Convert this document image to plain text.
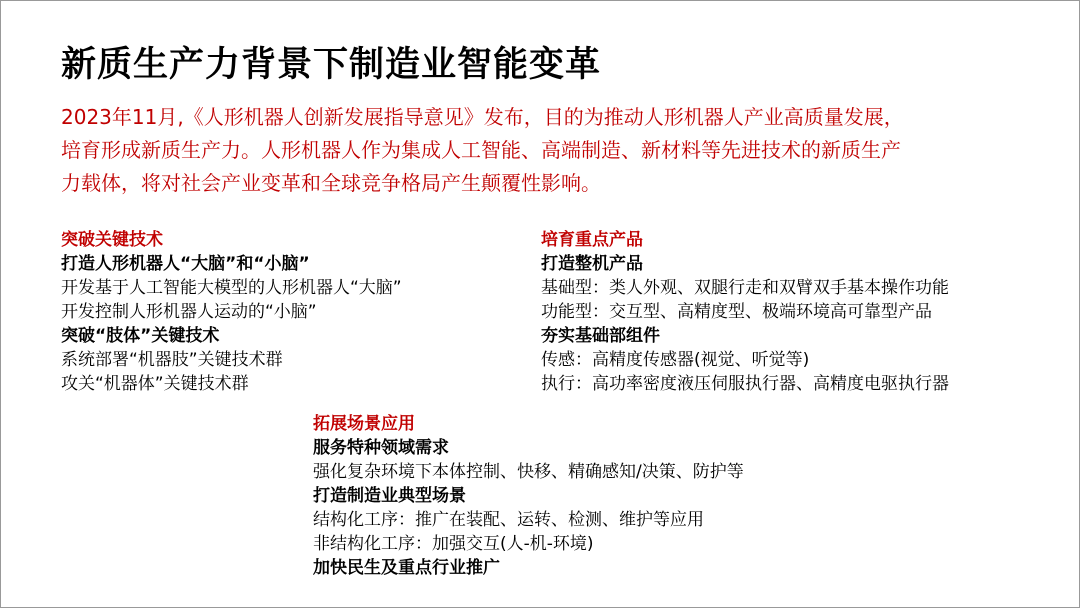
新质生产力背景下制造业智能变革

2023年11月,《人形机器人创新发展指导意见》发布，目的为推动人形机器人产业高质量发展，

培育形成新质生产力。人形机器人作为集成人工智能、高端制造、新材料等先进技术的新质生产

力载体，将对社会产业变革和全球竞争格局产生颠覆性影响。

突破关键技术
打造人形机器人“大脑”和“小脑”
开发基于人工智能大模型的人形机器人“大脑”
开发控制人形机器人运动的“小脑”
突破“肢体”关键技术
系统部署“机器肢”关键技术群
攻关“机器体”关键技术群
培育重点产品
打造整机产品
基础型：类人外观、双腿行走和双臂双手基本操作功能
功能型：交互型、高精度型、极端环境高可靠型产品
夯实基础部组件
传感：高精度传感器(视觉、听觉等)
执行：高功率密度液压伺服执行器、高精度电驱执行器
拓展场景应用
服务特种领域需求
强化复杂环境下本体控制、快移、精确感知/决策、防护等
打造制造业典型场景
结构化工序：推广在装配、运转、检测、维护等应用
非结构化工序：加强交互(人-机-环境)
加快民生及重点行业推广
